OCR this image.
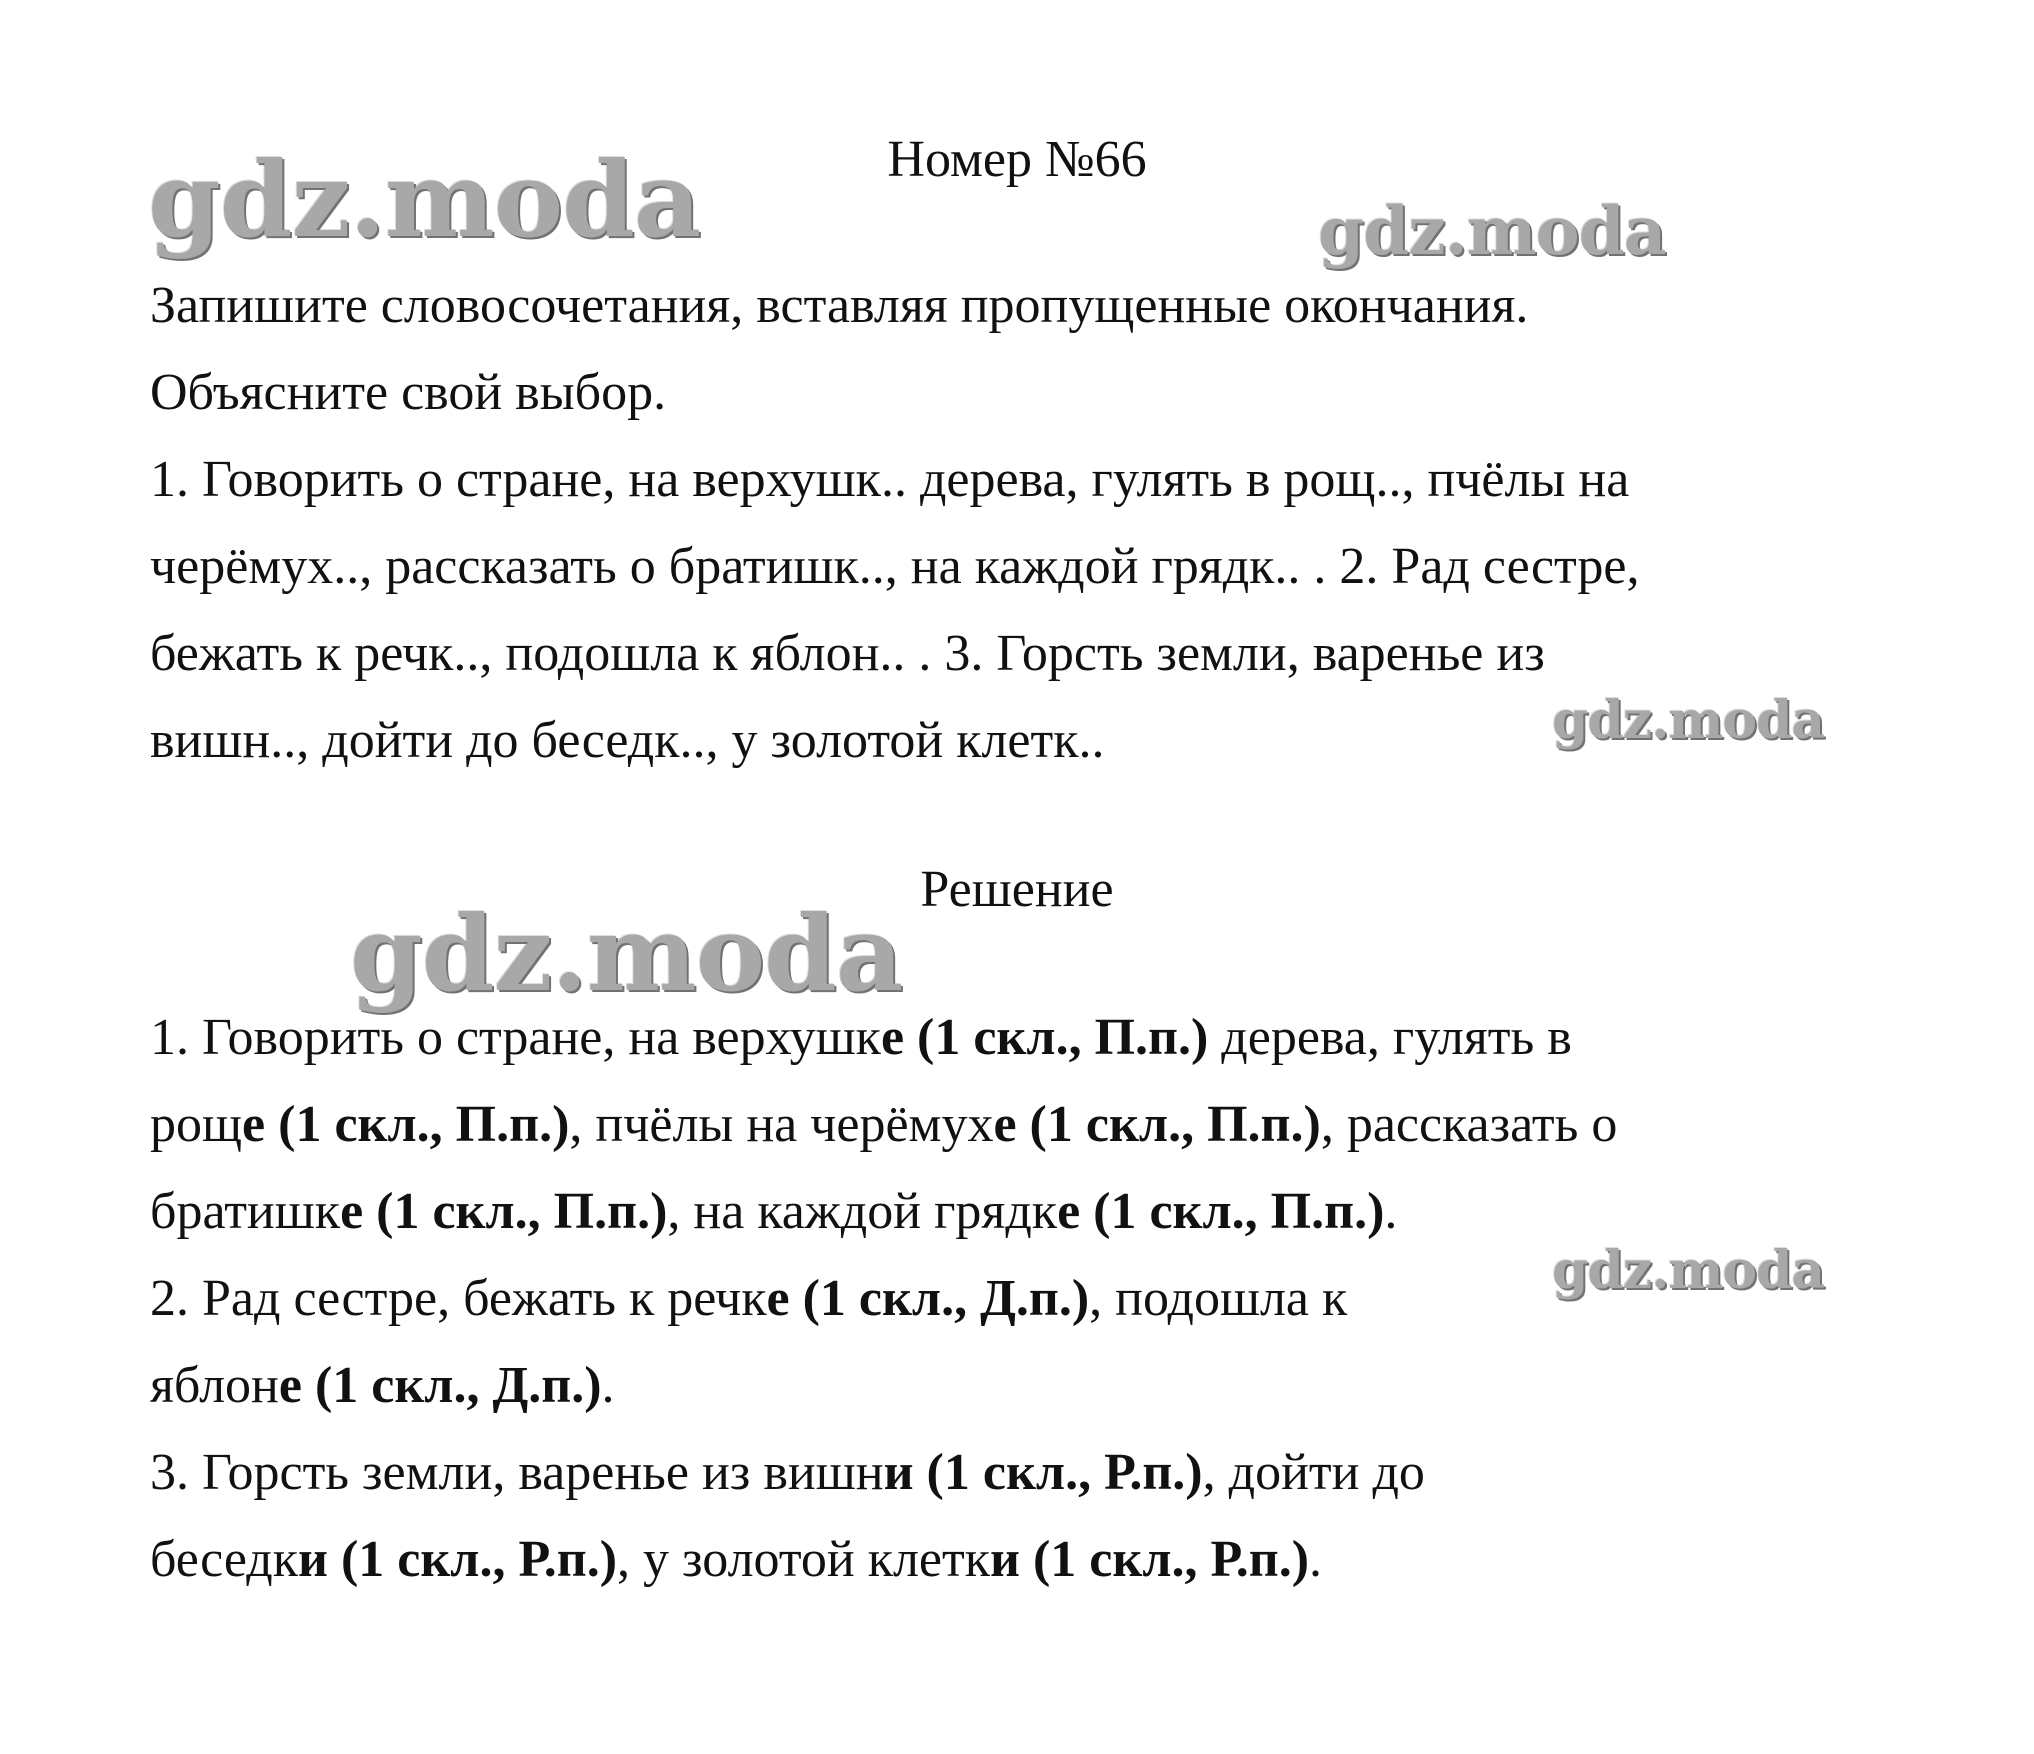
gdz.moda	gdz.moda
gdz.moda
gdz.moda
gdz.moda
Номер №66
Запишите словосочетания, вставляя пропущенные окончания.
Объясните свой выбор.
1. Говорить о стране, на верхушк.. дерева, гулять в рощ.., пчёлы на
черёмух.., рассказать о братишк.., на каждой грядк.. . 2. Рад сестре,
бежать к речк.., подошла к яблон.. . 3. Горсть земли, варенье из
вишн.., дойти до беседк.., у золотой клетк..
Решение
1. Говорить о стране, на верхушке (1 скл., П.п.) дерева, гулять в
роще (1 скл., П.п.), пчёлы на черёмухе (1 скл., П.п.), рассказать о
братишке (1 скл., П.п.), на каждой грядке (1 скл., П.п.).
2. Рад сестре, бежать к речке (1 скл., Д.п.), подошла к
яблоне (1 скл., Д.п.).
3. Горсть земли, варенье из вишни (1 скл., Р.п.), дойти до
беседки (1 скл., Р.п.), у золотой клетки (1 скл., Р.п.).
